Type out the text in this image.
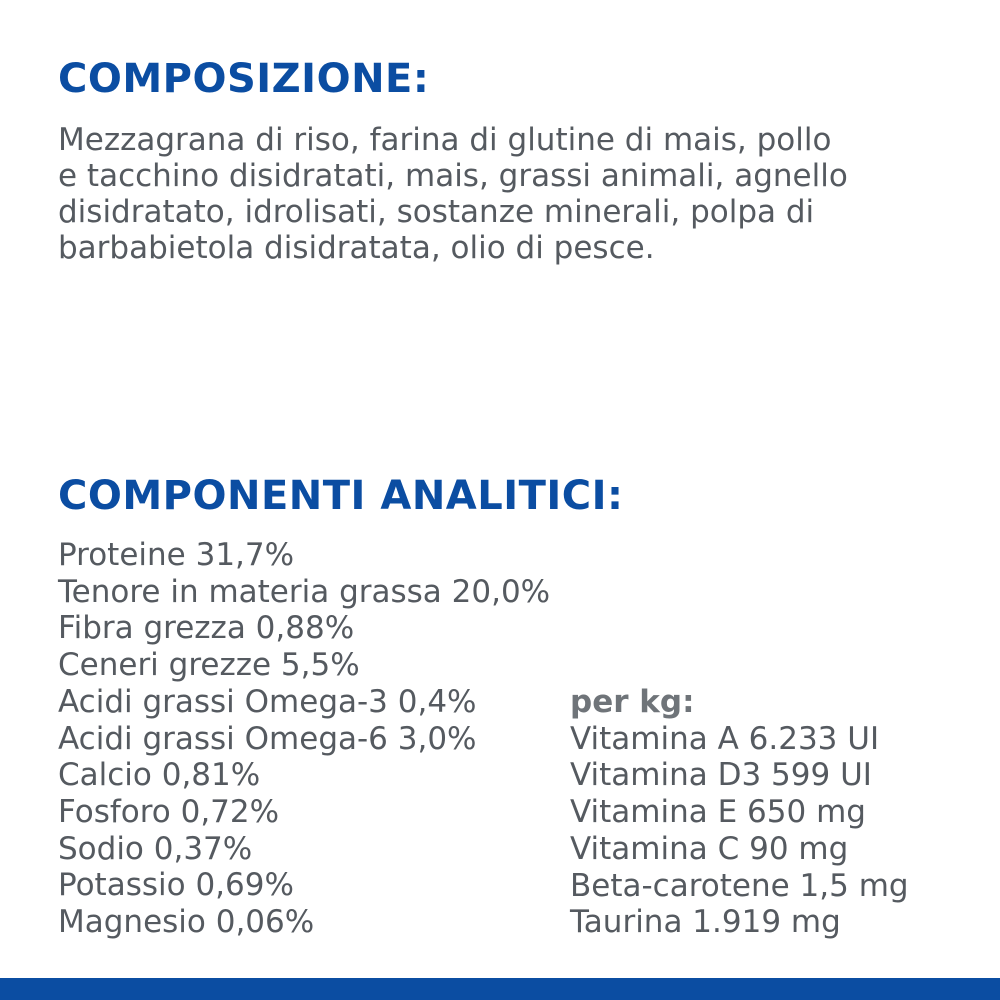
COMPOSIZIONE:
Mezzagrana di riso, farina di glutine di mais, pollo
e tacchino disidratati, mais, grassi animali, agnello
disidratato, idrolisati, sostanze minerali, polpa di
barbabietola disidratata, olio di pesce.
COMPONENTI ANALITICI:
Proteine 31,7%
Tenore in materia grassa 20,0%
Fibra grezza 0,88%
Ceneri grezze 5,5%
Acidi grassi Omega-3 0,4%
Acidi grassi Omega-6 3,0%
Calcio 0,81%
Fosforo 0,72%
Sodio 0,37%
Potassio 0,69%
Magnesio 0,06%
per kg:
Vitamina A 6.233 UI
Vitamina D3 599 UI
Vitamina E 650 mg
Vitamina C 90 mg
Beta-carotene 1,5 mg
Taurina 1.919 mg
